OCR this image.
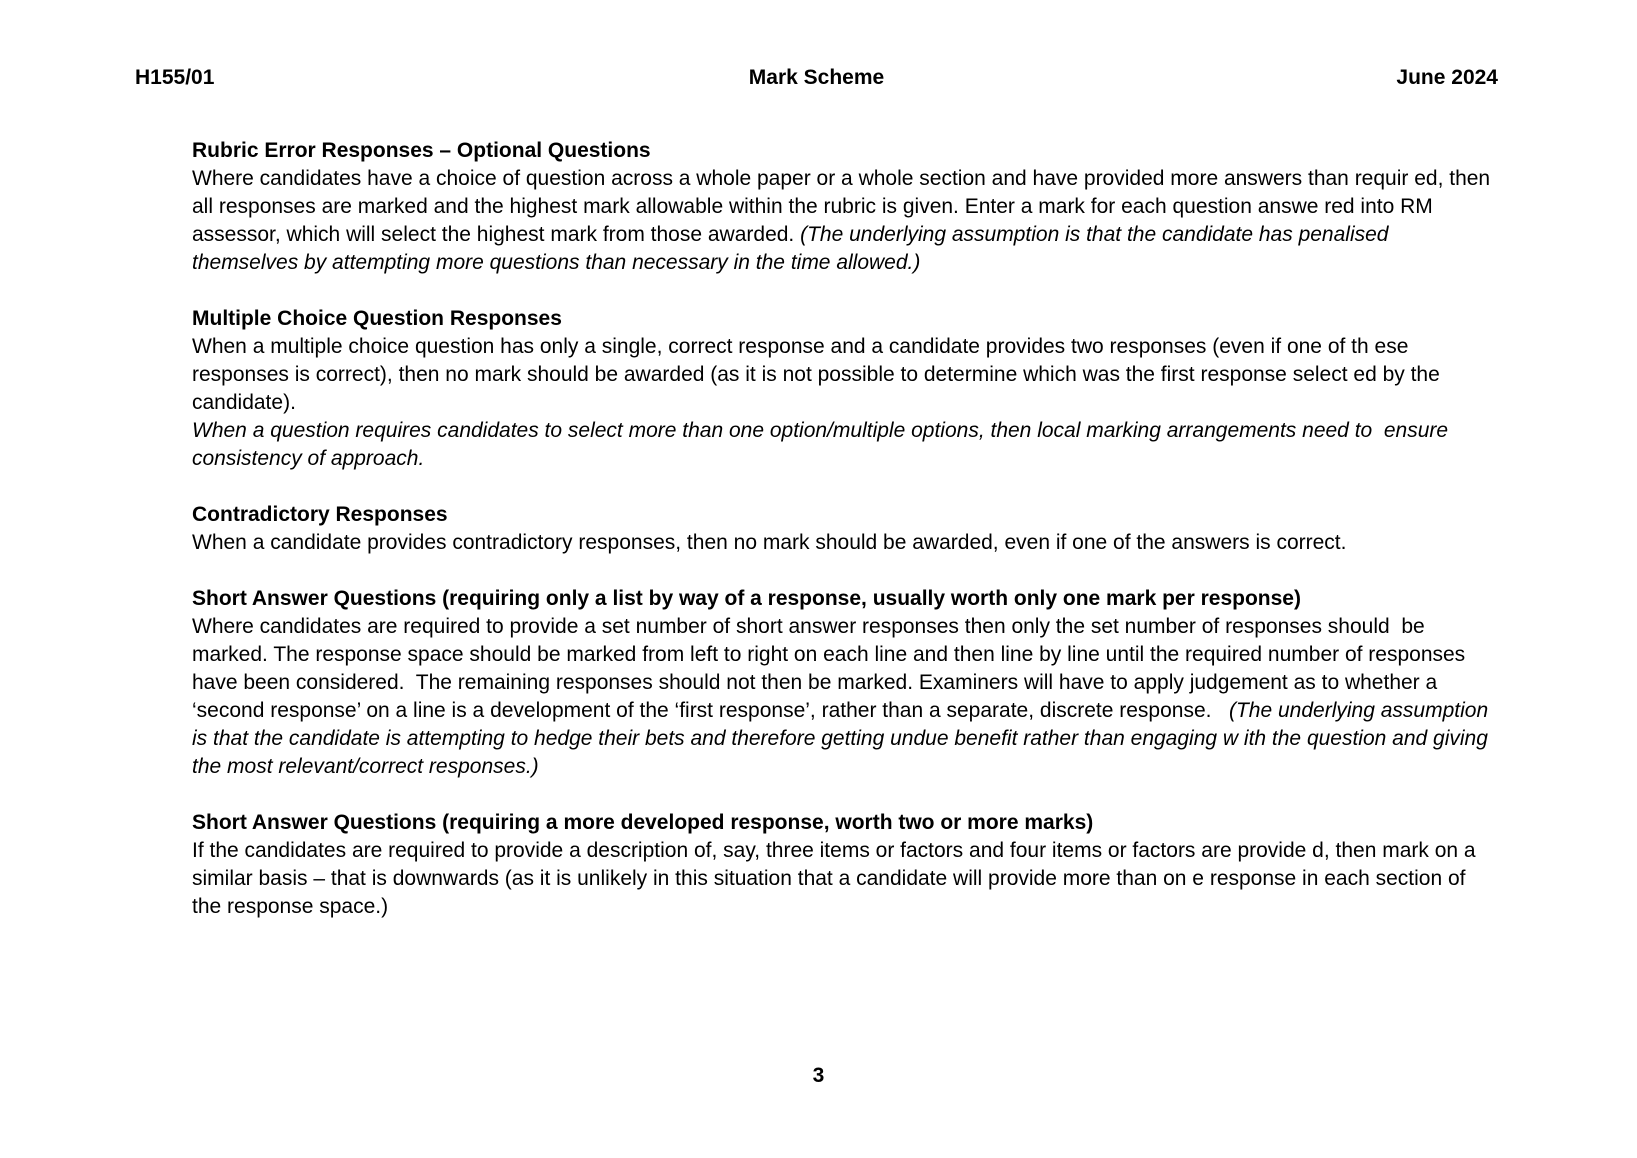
H155/01	Mark Scheme	June 2024
Rubric Error Responses – Optional Questions

Where candidates have a choice of question across a whole paper or a whole section and have provided more answers than requir ed, then all responses are marked and the highest mark allowable within the rubric is given. Enter a mark for each question answe red into RM assessor, which will select the highest mark from those awarded. (The underlying assumption is that the candidate has penalised themselves by attempting more questions than necessary in the time allowed.)

Multiple Choice Question Responses

When a multiple choice question has only a single, correct response and a candidate provides two responses (even if one of th ese responses is correct), then no mark should be awarded (as it is not possible to determine which was the first response select ed by the candidate).

When a question requires candidates to select more than one option/multiple options, then local marking arrangements need to  ensure consistency of approach.

Contradictory Responses

When a candidate provides contradictory responses, then no mark should be awarded, even if one of the answers is correct.

Short Answer Questions (requiring only a list by way of a response, usually worth only one mark per response)

Where candidates are required to provide a set number of short answer responses then only the set number of responses should  be marked. The response space should be marked from left to right on each line and then line by line until the required number of responses have been considered.  The remaining responses should not then be marked. Examiners will have to apply judgement as to whether a ‘second response’ on a line is a development of the ‘first response’, rather than a separate, discrete response.   (The underlying assumption is that the candidate is attempting to hedge their bets and therefore getting undue benefit rather than engaging w ith the question and giving the most relevant/correct responses.)

Short Answer Questions (requiring a more developed response, worth two or more marks)

If the candidates are required to provide a description of, say, three items or factors and four items or factors are provide d, then mark on a similar basis – that is downwards (as it is unlikely in this situation that a candidate will provide more than on e response in each section of the response space.)

3
